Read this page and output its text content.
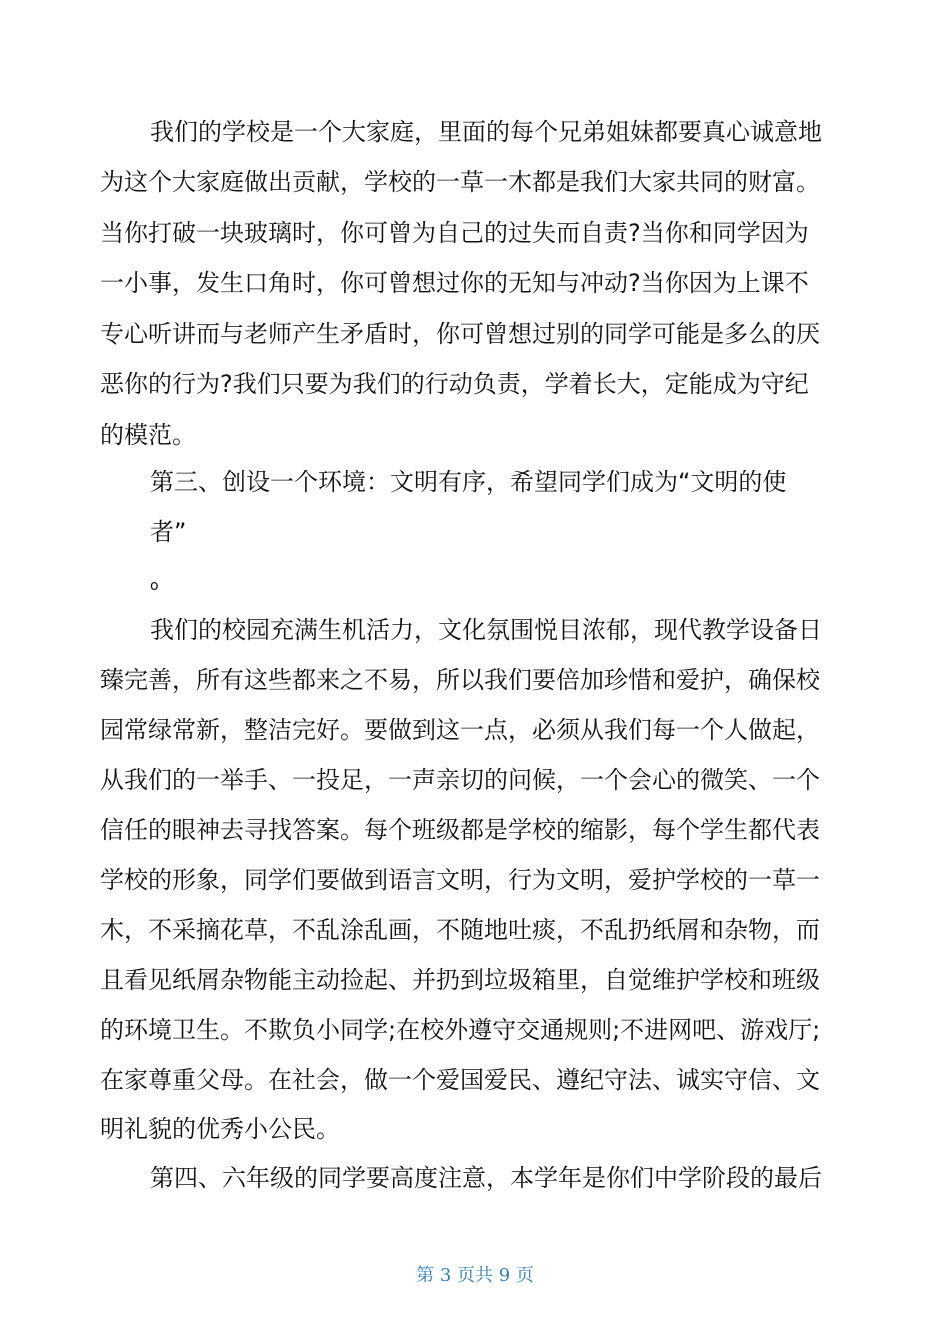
我们的学校是一个大家庭，里面的每个兄弟姐妹都要真心诚意地
为这个大家庭做出贡献，学校的一草一木都是我们大家共同的财富。
当你打破一块玻璃时，你可曾为自己的过失而自责?当你和同学因为
一小事，发生口角时，你可曾想过你的无知与冲动?当你因为上课不
专心听讲而与老师产生矛盾时，你可曾想过别的同学可能是多么的厌
恶你的行为?我们只要为我们的行动负责，学着长大，定能成为守纪
的模范。
第三、创设一个环境：文明有序，希望同学们成为“文明的使
者”
o
我们的校园充满生机活力，文化氛围悦目浓郁，现代教学设备日
臻完善，所有这些都来之不易，所以我们要倍加珍惜和爱护，确保校
园常绿常新，整洁完好。要做到这一点，必须从我们每一个人做起，
从我们的一举手、一投足，一声亲切的问候，一个会心的微笑、一个
信任的眼神去寻找答案。每个班级都是学校的缩影，每个学生都代表
学校的形象，同学们要做到语言文明，行为文明，爱护学校的一草一
木，不采摘花草，不乱涂乱画，不随地吐痰，不乱扔纸屑和杂物，而
且看见纸屑杂物能主动捡起、并扔到垃圾箱里，自觉维护学校和班级
的环境卫生。不欺负小同学;在校外遵守交通规则;不进网吧、游戏厅;
在家尊重父母。在社会，做一个爱国爱民、遵纪守法、诚实守信、文
明礼貌的优秀小公民。
第四、六年级的同学要高度注意，本学年是你们中学阶段的最后
第 3 页共 9 页
